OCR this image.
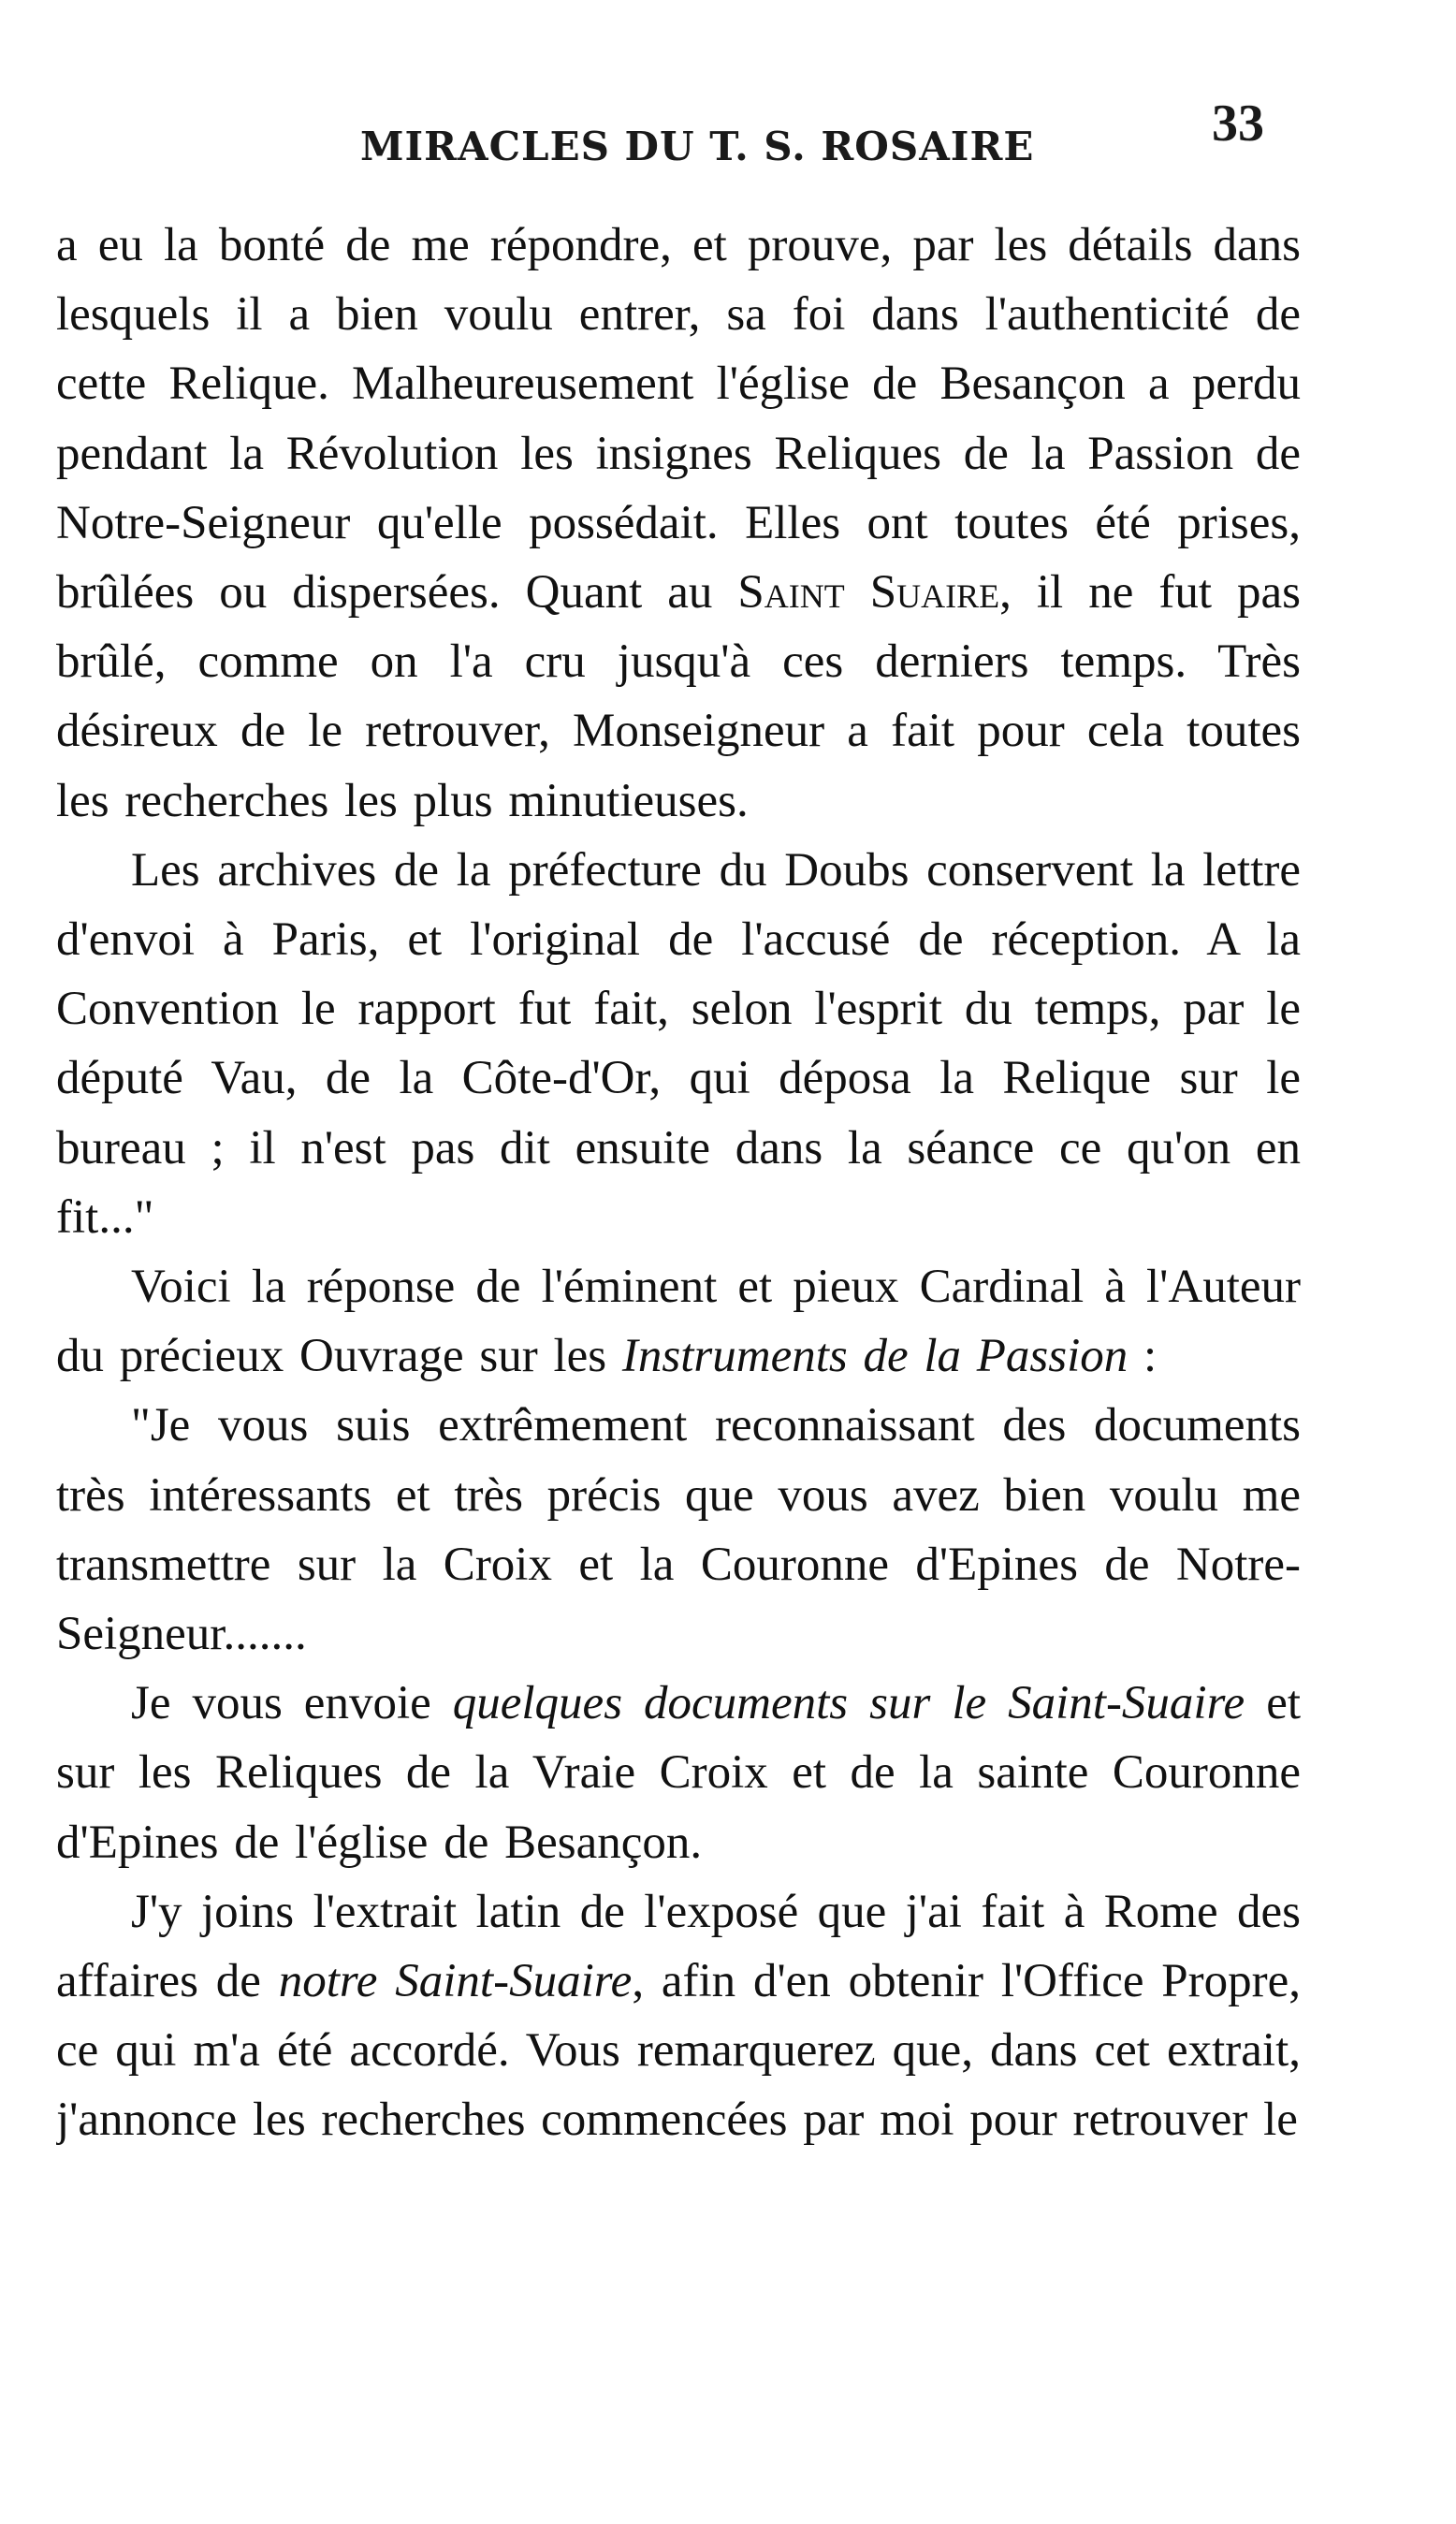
MIRACLES DU T. S. ROSAIRE	33

a eu la bonté de me répondre, et prouve, par les détails dans lesquels il a bien voulu entrer, sa foi dans l'authenticité de cette Relique. Malheureusement l'église de Besançon a perdu pendant la Révolution les insignes Reliques de la Passion de Notre-Seigneur qu'elle possédait. Elles ont toutes été prises, brûlées ou dispersées. Quant au Saint Suaire, il ne fut pas brûlé, comme on l'a cru jusqu'à ces derniers temps. Très désireux de le retrouver, Monseigneur a fait pour cela toutes les recherches les plus minutieuses.

Les archives de la préfecture du Doubs conservent la lettre d'envoi à Paris, et l'original de l'accusé de réception. A la Convention le rapport fut fait, selon l'esprit du temps, par le député Vau, de la Côte-d'Or, qui déposa la Relique sur le bureau ; il n'est pas dit ensuite dans la séance ce qu'on en fit..."

Voici la réponse de l'éminent et pieux Cardinal à l'Auteur du précieux Ouvrage sur les Instruments de la Passion :

"Je vous suis extrêmement reconnaissant des documents très intéressants et très précis que vous avez bien voulu me transmettre sur la Croix et la Couronne d'Epines de Notre-Seigneur.......

Je vous envoie quelques documents sur le Saint-Suaire et sur les Reliques de la Vraie Croix et de la sainte Couronne d'Epines de l'église de Besançon.

J'y joins l'extrait latin de l'exposé que j'ai fait à Rome des affaires de notre Saint-Suaire, afin d'en obtenir l'Office Propre, ce qui m'a été accordé. Vous remarquerez que, dans cet extrait, j'annonce les recherches commencées par moi pour retrouver le
